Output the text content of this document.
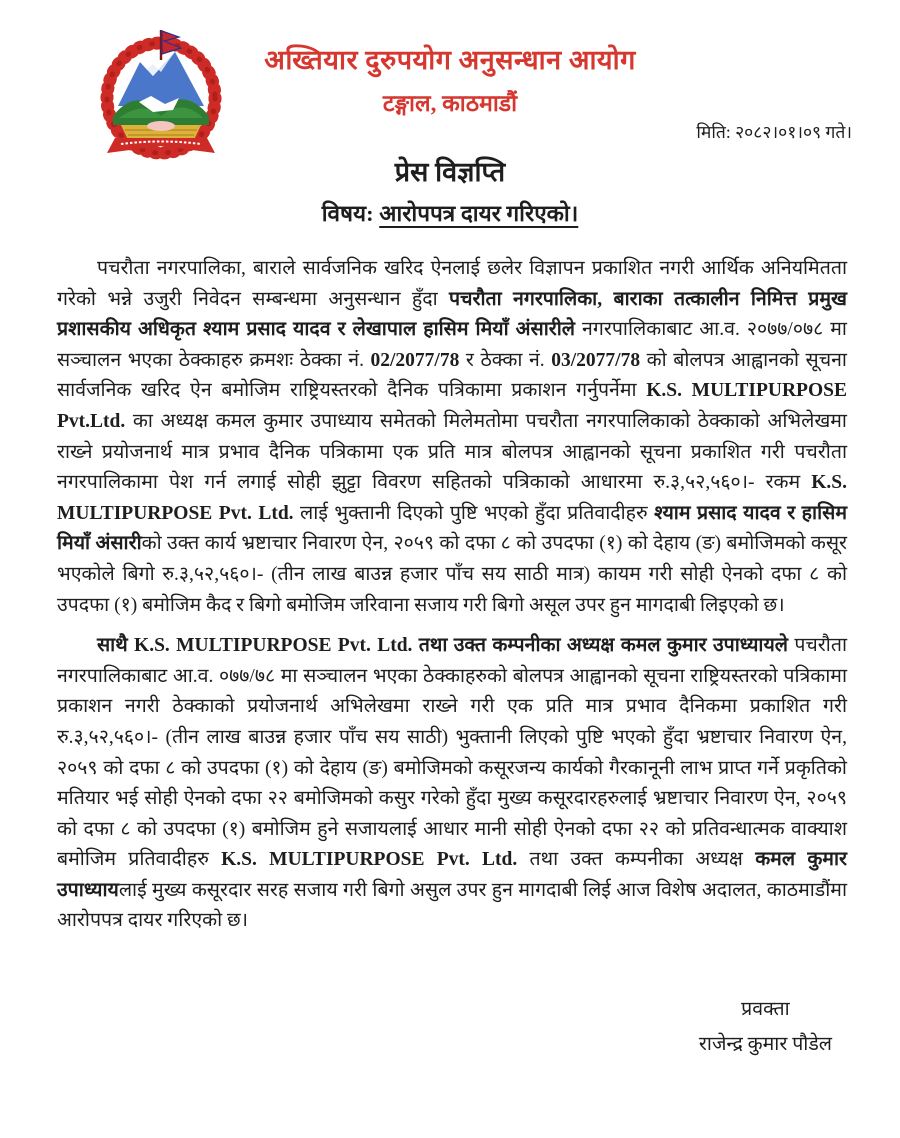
अख्तियार दुरुपयोग अनुसन्धान आयोग
टङ्गाल, काठमाडौं
मिति: २०८२।०१।०९ गते।
प्रेस विज्ञप्ति
विषय: आरोपपत्र दायर गरिएको।

पचरौता नगरपालिका, बाराले सार्वजनिक खरिद ऐनलाई छलेर विज्ञापन प्रकाशित नगरी आर्थिक अनियमितता गरेको भन्ने उजुरी निवेदन सम्बन्धमा अनुसन्धान हुँदा पचरौता नगरपालिका, बाराका तत्कालीन निमित्त प्रमुख प्रशासकीय अधिकृत श्याम प्रसाद यादव र लेखापाल हासिम मियाँ अंसारीले नगरपालिकाबाट आ.व. २०७७/०७८ मा सञ्चालन भएका ठेक्काहरु क्रमशः ठेक्का नं. 02/2077/78 र ठेक्का नं. 03/2077/78 को बोलपत्र आह्वानको सूचना सार्वजनिक खरिद ऐन बमोजिम राष्ट्रियस्तरको दैनिक पत्रिकामा प्रकाशन गर्नुपर्नेमा K.S. MULTIPURPOSE Pvt.Ltd. का अध्यक्ष कमल कुमार उपाध्याय समेतको मिलेमतोमा पचरौता नगरपालिकाको ठेक्काको अभिलेखमा राख्ने प्रयोजनार्थ मात्र प्रभाव दैनिक पत्रिकामा एक प्रति मात्र बोलपत्र आह्वानको सूचना प्रकाशित गरी पचरौता नगरपालिकामा पेश गर्न लगाई सोही झुट्टा विवरण सहितको पत्रिकाको आधारमा रु.३,५२,५६०।- रकम K.S. MULTIPURPOSE Pvt. Ltd. लाई भुक्तानी दिएको पुष्टि भएको हुँदा प्रतिवादीहरु श्याम प्रसाद यादव र हासिम मियाँ अंसारीको उक्त कार्य भ्रष्टाचार निवारण ऐन, २०५९ को दफा ८ को उपदफा (१) को देहाय (ङ) बमोजिमको कसूर भएकोले बिगो रु.३,५२,५६०।- (तीन लाख बाउन्न हजार पाँच सय साठी मात्र) कायम गरी सोही ऐनको दफा ८ को उपदफा (१) बमोजिम कैद र बिगो बमोजिम जरिवाना सजाय गरी बिगो असूल उपर हुन मागदाबी लिइएको छ।

साथै K.S. MULTIPURPOSE Pvt. Ltd. तथा उक्त कम्पनीका अध्यक्ष कमल कुमार उपाध्यायले पचरौता नगरपालिकाबाट आ.व. ०७७/७८ मा सञ्चालन भएका ठेक्काहरुको बोलपत्र आह्वानको सूचना राष्ट्रियस्तरको पत्रिकामा प्रकाशन नगरी ठेक्काको प्रयोजनार्थ अभिलेखमा राख्ने गरी एक प्रति मात्र प्रभाव दैनिकमा प्रकाशित गरी रु.३,५२,५६०।- (तीन लाख बाउन्न हजार पाँच सय साठी) भुक्तानी लिएको पुष्टि भएको हुँदा भ्रष्टाचार निवारण ऐन, २०५९ को दफा ८ को उपदफा (१) को देहाय (ङ) बमोजिमको कसूरजन्य कार्यको गैरकानूनी लाभ प्राप्त गर्ने प्रकृतिको मतियार भई सोही ऐनको दफा २२ बमोजिमको कसुर गरेको हुँदा मुख्य कसूरदारहरुलाई भ्रष्टाचार निवारण ऐन, २०५९ को दफा ८ को उपदफा (१) बमोजिम हुने सजायलाई आधार मानी सोही ऐनको दफा २२ को प्रतिवन्धात्मक वाक्याश बमोजिम प्रतिवादीहरु K.S. MULTIPURPOSE Pvt. Ltd. तथा उक्त कम्पनीका अध्यक्ष कमल कुमार उपाध्यायलाई मुख्य कसूरदार सरह सजाय गरी बिगो असुल उपर हुन मागदाबी लिई आज विशेष अदालत, काठमाडौंमा आरोपपत्र दायर गरिएको छ।

प्रवक्ता
राजेन्द्र कुमार पौडेल
